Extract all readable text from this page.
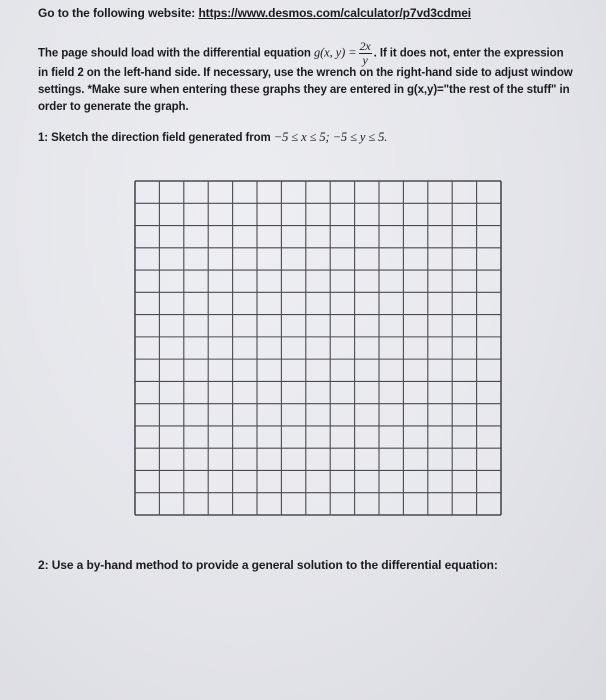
Go to the following website: https://www.desmos.com/calculator/p7vd3cdmei
The page should load with the differential equation g(x, $y) = \frac{2x}{y}$ . If it does not, enter the expression
in field 2 on the left-hand side. If necessary, use the wrench on the right-hand side to adjust window
settings. *Make sure when entering these graphs they are entered in g(x,y)="the rest of the stuff" in
order to generate the graph.
1: Sketch the direction field generated from −5 ≤ x ≤ 5; −5 ≤ y ≤ 5.
2: Use a by-hand method to provide a general solution to the differential equation:
